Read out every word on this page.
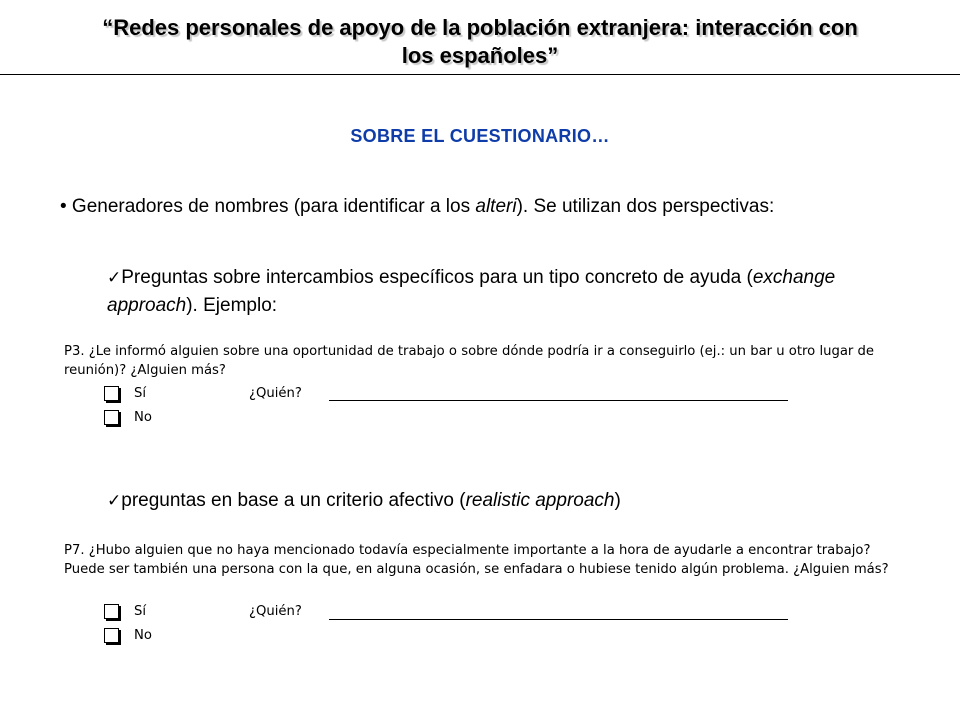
“Redes personales de apoyo de la población extranjera: interacción con
los españoles”
SOBRE EL CUESTIONARIO…
• Generadores de nombres (para identificar a los alteri). Se utilizan dos perspectivas:
✓Preguntas sobre intercambios específicos para un tipo concreto de ayuda (exchange approach). Ejemplo:
P3. ¿Le informó alguien sobre una oportunidad de trabajo o sobre dónde podría ir a conseguirlo (ej.: un bar u otro lugar de reunión)? ¿Alguien más?
Sí	¿Quién?
No
✓preguntas en base a un criterio afectivo (realistic approach)
P7. ¿Hubo alguien que no haya mencionado todavía especialmente importante a la hora de ayudarle a encontrar trabajo? Puede ser también una persona con la que, en alguna ocasión, se enfadara o hubiese tenido algún problema. ¿Alguien más?
Sí	¿Quién?
No
